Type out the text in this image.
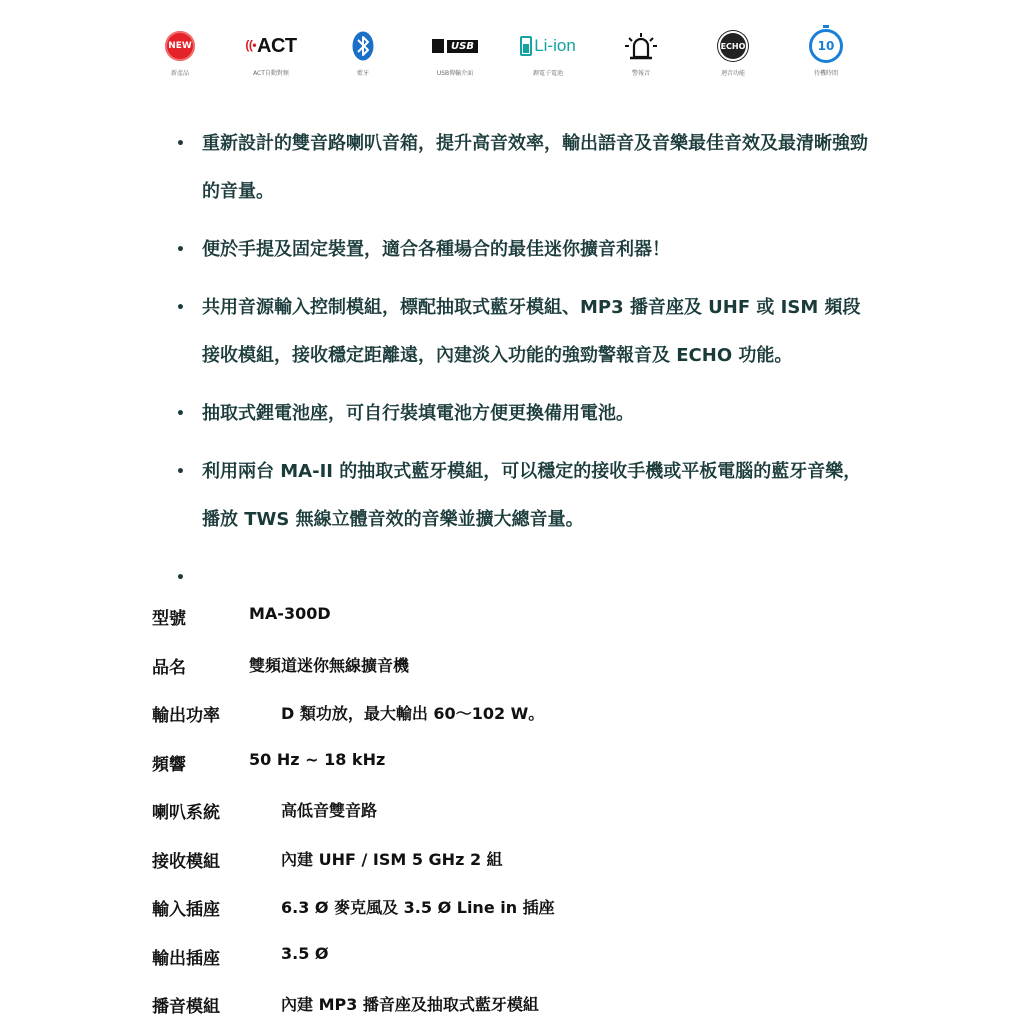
NEW
新產品
((•ACT
ACT自動對頻	藍牙
USB
USB傳輸介面
Li-ion
鋰電子電池	警報音
ECHO
迴音功能
10
待機時間
• 重新設計的雙音路喇叭音箱，提升高音效率，輸出語音及音樂最佳音效及最清晰強勁的音量。
• 便於手提及固定裝置，適合各種場合的最佳迷你擴音利器！
• 共用音源輸入控制模組，標配抽取式藍牙模組、MP3 播音座及 UHF 或 ISM 頻段接收模組，接收穩定距離遠，內建淡入功能的強勁警報音及 ECHO 功能。
• 抽取式鋰電池座，可自行裝填電池方便更換備用電池。
• 利用兩台 MA-II 的抽取式藍牙模組，可以穩定的接收手機或平板電腦的藍牙音樂，播放 TWS 無線立體音效的音樂並擴大總音量。
•
型號	MA-300D
品名	雙頻道迷你無線擴音機
輸出功率	D 類功放，最大輸出 60～102 W。
頻響	50 Hz ~ 18 kHz
喇叭系統	高低音雙音路
接收模組	內建 UHF / ISM 5 GHz 2 組
輸入插座	6.3 Ø 麥克風及 3.5 Ø Line in 插座
輸出插座	3.5 Ø
播音模組	內建 MP3 播音座及抽取式藍牙模組
